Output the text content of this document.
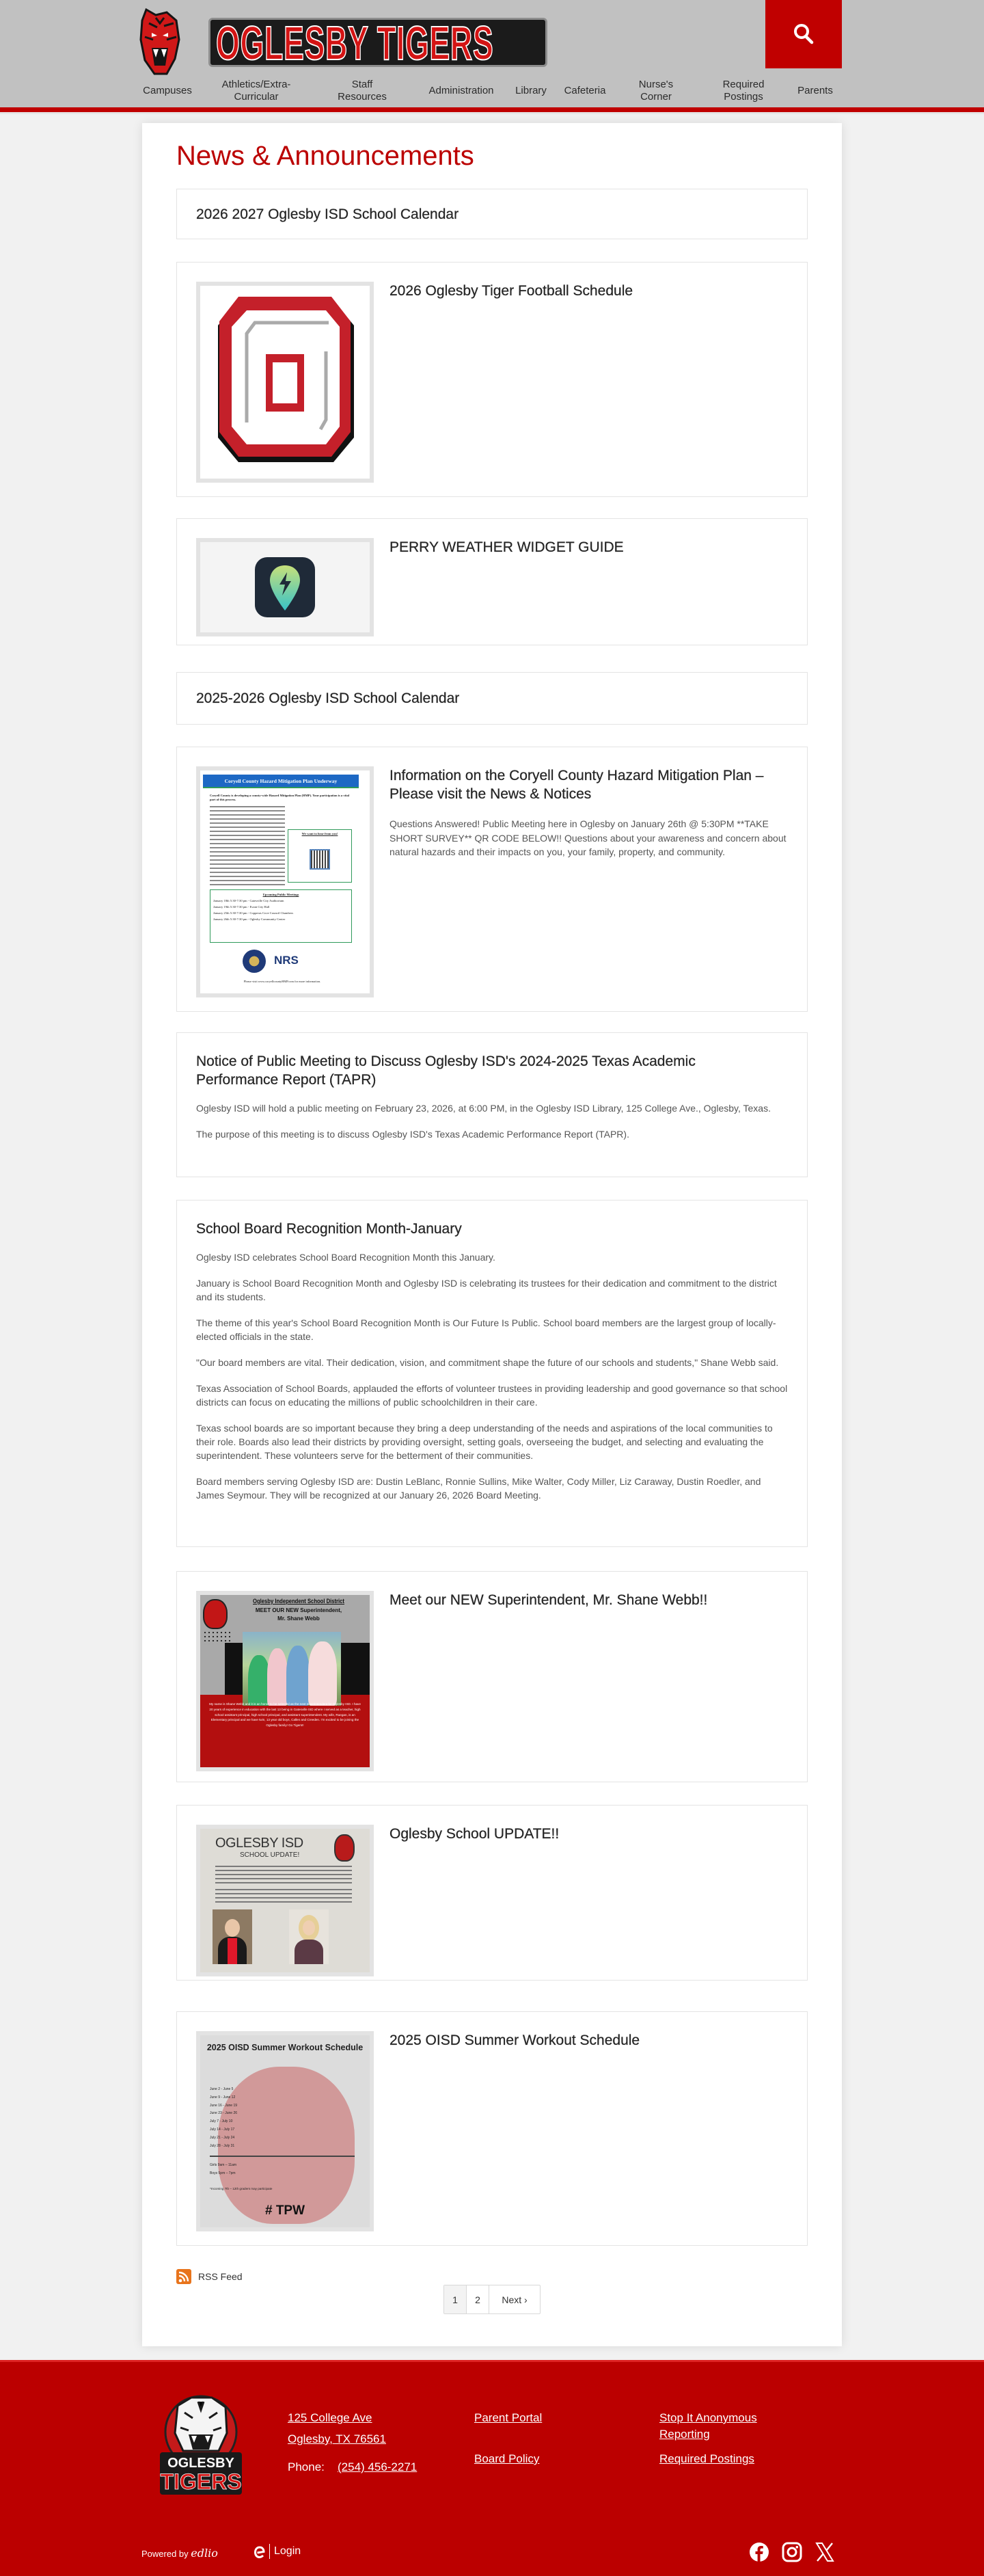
OGLESBY TIGERS
Campuses
Athletics/Extra-Curricular
Staff Resources
Administration	Library	Cafeteria
Nurse's Corner
Required Postings
Parents
News & Announcements
2026 2027 Oglesby ISD School Calendar
2026 Oglesby Tiger Football Schedule
PERRY WEATHER WIDGET GUIDE
2025-2026 Oglesby ISD School Calendar
Coryell County Hazard Mitigation Plan Underway
Coryell County is developing a county-wide Hazard Mitigation Plan (HMP). Your participation is a vital part of this process.
We want to hear from you!
Upcoming Public Meetings
January 18th 5:30-7:30 pm - Gatesville City Auditorium
January 19th 5:30-7:30 pm - Evant City Hall
January 25th 5:30-7:30 pm - Copperas Cove Council Chambers
January 26th 5:30-7:30 pm - Oglesby Community Center
NRS
Please visit www.coryellcountyHMP.com for more information.
Information on the Coryell County Hazard Mitigation Plan – Please visit the News & Notices
Questions Answered! Public Meeting here in Oglesby on January 26th @ 5:30PM **TAKE SHORT SURVEY** QR CODE BELOW!! Questions about your awareness and concern about natural hazards and their impacts on you, your family, property, and community.
Notice of Public Meeting to Discuss Oglesby ISD's 2024-2025 Texas Academic Performance Report (TAPR)

Oglesby ISD will hold a public meeting on February 23, 2026, at 6:00 PM, in the Oglesby ISD Library, 125 College Ave., Oglesby, Texas.

The purpose of this meeting is to discuss Oglesby ISD's Texas Academic Performance Report (TAPR).

School Board Recognition Month-January

Oglesby ISD celebrates School Board Recognition Month this January.

January is School Board Recognition Month and Oglesby ISD is celebrating its trustees for their dedication and commitment to the district and its students.

The theme of this year's School Board Recognition Month is Our Future Is Public. School board members are the largest group of locally-elected officials in the state.

"Our board members are vital. Their dedication, vision, and commitment shape the future of our schools and students," Shane Webb said.

Texas Association of School Boards, applauded the efforts of volunteer trustees in providing leadership and good governance so that school districts can focus on educating the millions of public schoolchildren in their care.

Texas school boards are so important because they bring a deep understanding of the needs and aspirations of the local communities to their role. Boards also lead their districts by providing oversight, setting goals, overseeing the budget, and selecting and evaluating the superintendent. These volunteers serve for the betterment of their communities.

Board members serving Oglesby ISD are: Dustin LeBlanc, Ronnie Sullins, Mike Walter, Cody Miller, Liz Caraway, Dustin Roedler, and James Seymour. They will be recognized at our January 26, 2026 Board Meeting.

Oglesby Independent School District
MEET OUR NEW Superintendent,
Mr. Shane Webb
My name is Shane Webb and it is an honor to be selected as the next superintendent for Oglesby ISD. I have 20 years of experience in education with the last 13 being in Gatesville ISD where I served as a teacher, high school assistant principal, high school principal, and assistant superintendent. My wife, Raegan, is an Elementary principal and we have twin, 13 year old boys, Callen and Creeden. I'm excited to be joining the Oglesby family! Go Tigers!!
Meet our NEW Superintendent, Mr. Shane Webb!!
OGLESBY ISD
SCHOOL UPDATE!
Oglesby School UPDATE!!
2025 OISD Summer Workout Schedule
June 2 - June 5
June 9 - June 12
June 16 - June 19
June 23 - June 26
July 7 - July 10
July 14 - July 17
July 21 - July 24
July 28 - July 31
Girls 9am – 11am
Boys 5pm – 7pm
*Incoming 7th – 12th graders may participate
# TPW
2025 OISD Summer Workout Schedule
RSS Feed
1	2	Next ›
OGLESBY
TIGERS
125 College Ave
Oglesby, TX 76561
Phone: (254) 456-2271
Parent Portal
Board Policy
Stop It Anonymous Reporting
Required Postings
Powered by edlio	Login
